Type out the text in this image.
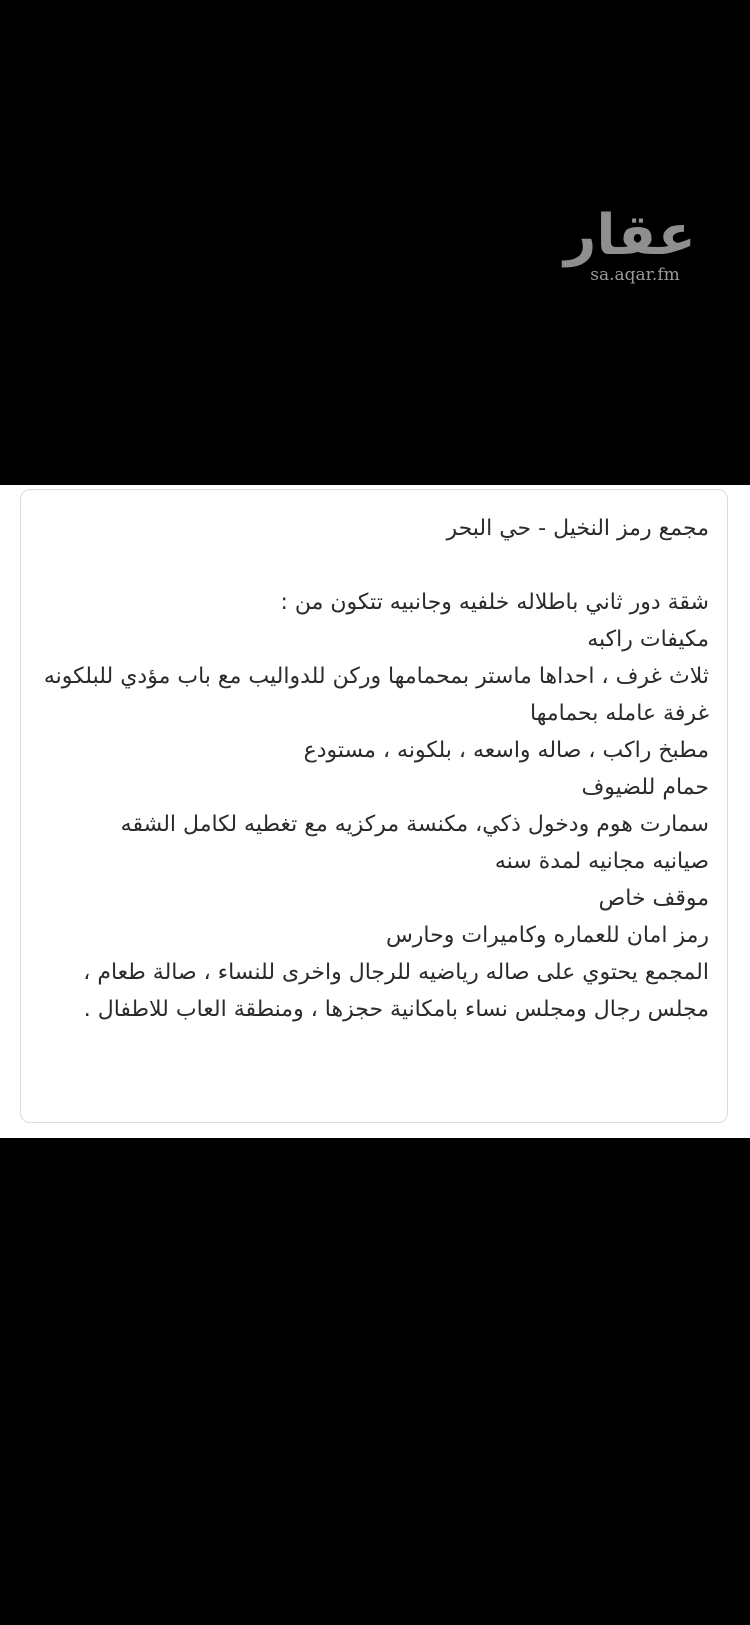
عقار
sa.aqar.fm

مجمع رمز النخيل - حي البحر

شقة دور ثاني باطلاله خلفيه وجانبيه تتكون من :

مكيفات راكبه

ثلاث غرف ، احداها ماستر بمحمامها وركن للدواليب مع باب مؤدي للبلكونه

غرفة عامله بحمامها

مطبخ راكب ، صاله واسعه ، بلكونه ، مستودع

حمام للضيوف

سمارت هوم ودخول ذكي، مكنسة مركزيه مع تغطيه لكامل الشقه

صيانيه مجانيه لمدة سنه

موقف خاص

رمز امان للعماره وكاميرات وحارس

المجمع يحتوي على صاله رياضيه للرجال واخرى للنساء ، صالة طعام ، مجلس رجال ومجلس نساء بامكانية حجزها ، ومنطقة العاب للاطفال .
